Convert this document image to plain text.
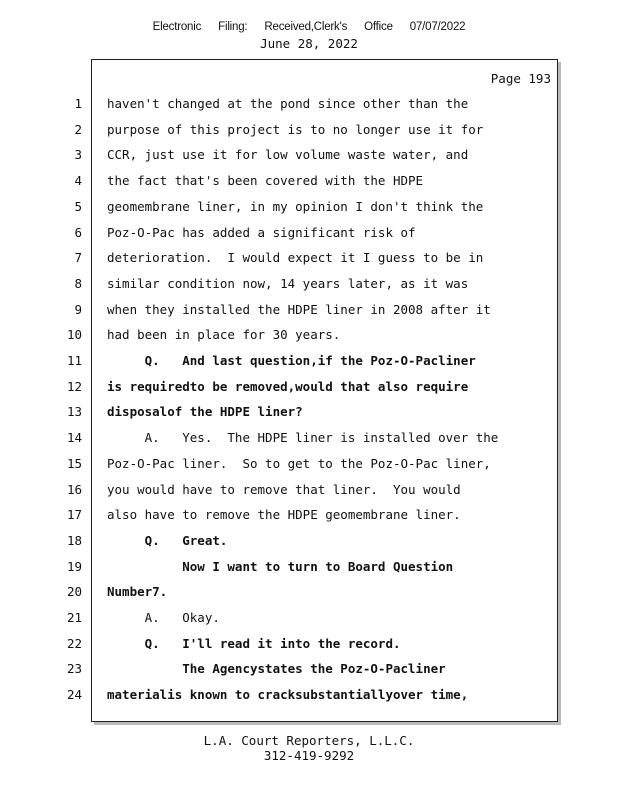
Electronic Filing: Received,Clerk's Office 07/07/2022
June 28, 2022
Page 193
1 haven't changed at the pond since other than the
2 purpose of this project is to no longer use it for
3 CCR, just use it for low volume waste water, and
4 the fact that's been covered with the HDPE
5 geomembrane liner, in my opinion I don't think the
6 Poz-O-Pac has added a significant risk of
7 deterioration.  I would expect it I guess to be in
8 similar condition now, 14 years later, as it was
9 when they installed the HDPE liner in 2008 after it
10 had been in place for 30 years.
11 Q.   And last question,if the Poz-O-Pacliner
12 is requiredto be removed,would that also require
13 disposalof the HDPE liner?
14 A.   Yes.  The HDPE liner is installed over the
15 Poz-O-Pac liner.  So to get to the Poz-O-Pac liner,
16 you would have to remove that liner.  You would
17 also have to remove the HDPE geomembrane liner.
18 Q.   Great.
19 Now I want to turn to Board Question
20 Number7.
21 A.   Okay.
22 Q.   I'll read it into the record.
23 The Agencystates the Poz-O-Pacliner
24 materialis known to cracksubstantiallyover time,
L.A. Court Reporters, L.L.C.
312-419-9292
